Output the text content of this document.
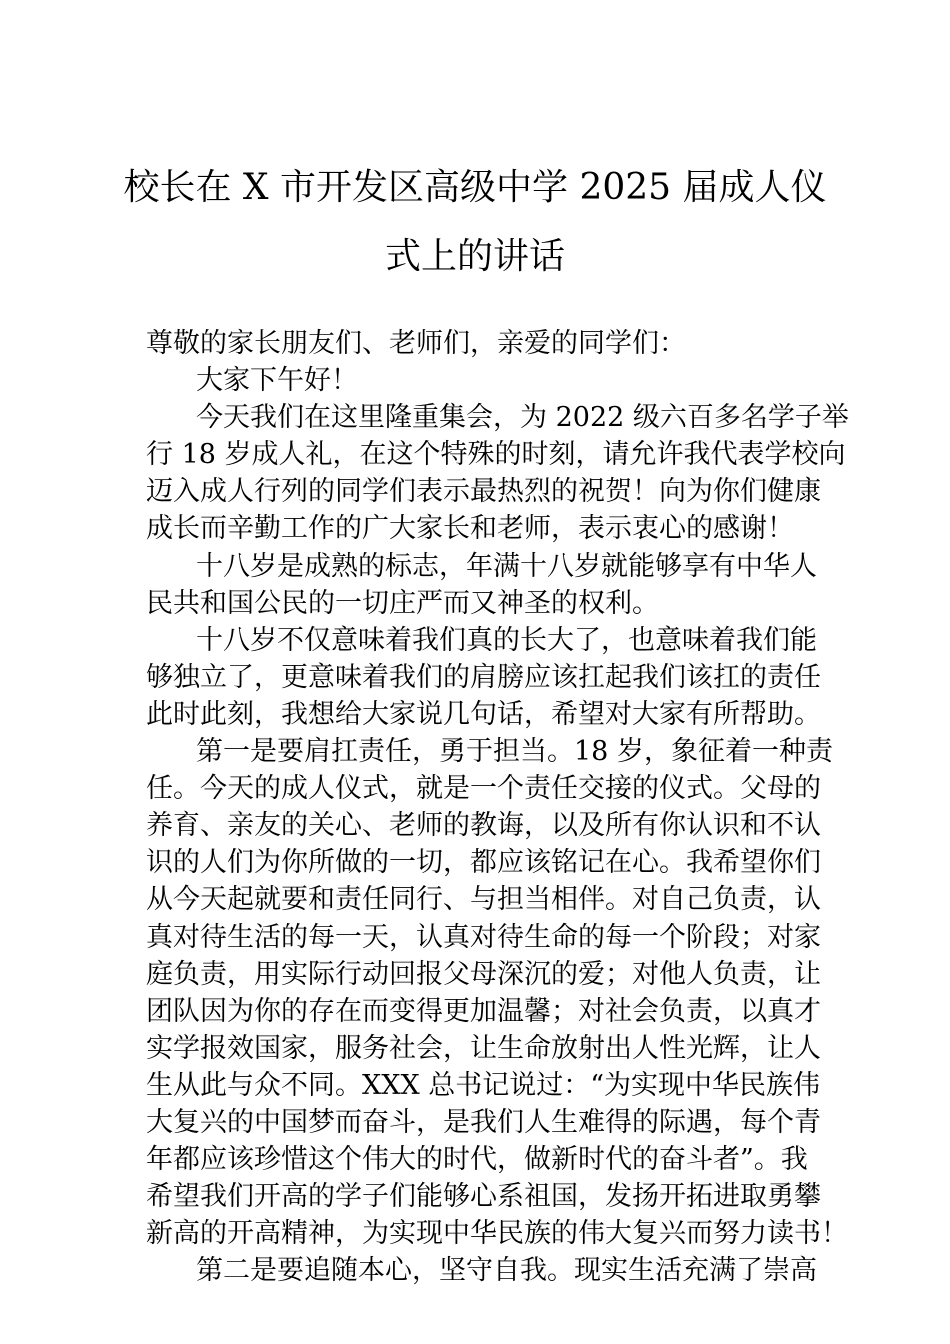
校长在 X 市开发区高级中学 2025 届成人仪
式上的讲话
尊敬的家长朋友们、老师们，亲爱的同学们：
大家下午好！
今天我们在这里隆重集会，为 2022 级六百多名学子举
行 18 岁成人礼，在这个特殊的时刻，请允许我代表学校向
迈入成人行列的同学们表示最热烈的祝贺！向为你们健康
成长而辛勤工作的广大家长和老师，表示衷心的感谢！
十八岁是成熟的标志，年满十八岁就能够享有中华人
民共和国公民的一切庄严而又神圣的权利。
十八岁不仅意味着我们真的长大了，也意味着我们能
够独立了，更意味着我们的肩膀应该扛起我们该扛的责任
此时此刻，我想给大家说几句话，希望对大家有所帮助。
第一是要肩扛责任，勇于担当。18 岁，象征着一种责
任。今天的成人仪式，就是一个责任交接的仪式。父母的
养育、亲友的关心、老师的教诲，以及所有你认识和不认
识的人们为你所做的一切，都应该铭记在心。我希望你们
从今天起就要和责任同行、与担当相伴。对自己负责，认
真对待生活的每一天，认真对待生命的每一个阶段；对家
庭负责，用实际行动回报父母深沉的爱；对他人负责，让
团队因为你的存在而变得更加温馨；对社会负责，以真才
实学报效国家，服务社会，让生命放射出人性光辉，让人
生从此与众不同。XXX 总书记说过：“为实现中华民族伟
大复兴的中国梦而奋斗，是我们人生难得的际遇，每个青
年都应该珍惜这个伟大的时代，做新时代的奋斗者”。我
希望我们开高的学子们能够心系祖国，发扬开拓进取勇攀
新高的开高精神，为实现中华民族的伟大复兴而努力读书！
第二是要追随本心，坚守自我。现实生活充满了崇高
